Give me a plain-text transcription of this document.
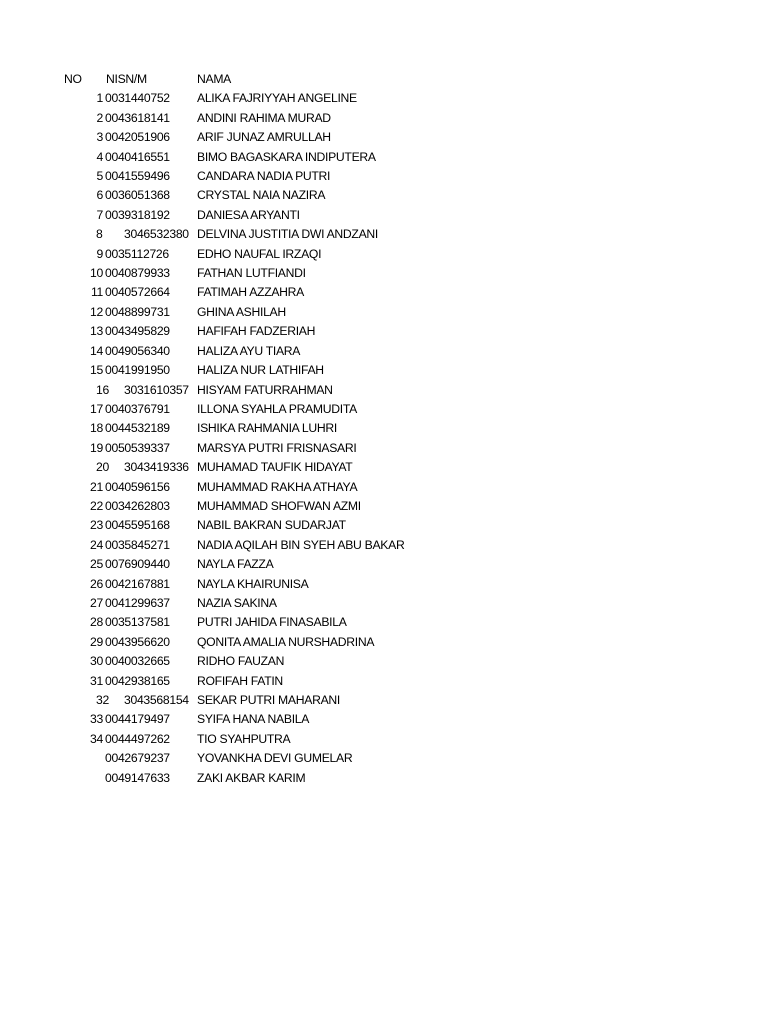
NO NISN/M	NAMA
1 0031440752 ALIKA FAJRIYYAH ANGELINE
2 0043618141 ANDINI RAHIMA MURAD
3 0042051906 ARIF JUNAZ AMRULLAH
4 0040416551 BIMO BAGASKARA INDIPUTERA
5 0041559496 CANDARA NADIA PUTRI
6 0036051368 CRYSTAL NAIA NAZIRA
7 0039318192 DANIESA ARYANTI
8 3046532380 DELVINA JUSTITIA DWI ANDZANI
9 0035112726 EDHO NAUFAL IRZAQI
10 0040879933 FATHAN LUTFIANDI
11 0040572664 FATIMAH AZZAHRA
12 0048899731 GHINA ASHILAH
13 0043495829 HAFIFAH FADZERIAH
14 0049056340 HALIZA AYU TIARA
15 0041991950 HALIZA NUR LATHIFAH
16 3031610357 HISYAM FATURRAHMAN
17 0040376791 ILLONA SYAHLA PRAMUDITA
18 0044532189 ISHIKA RAHMANIA LUHRI
19 0050539337 MARSYA PUTRI FRISNASARI
20 3043419336 MUHAMAD TAUFIK HIDAYAT
21 0040596156 MUHAMMAD RAKHA ATHAYA
22 0034262803 MUHAMMAD SHOFWAN AZMI
23 0045595168 NABIL BAKRAN SUDARJAT
24 0035845271 NADIA AQILAH BIN SYEH ABU BAKAR
25 0076909440 NAYLA FAZZA
26 0042167881 NAYLA KHAIRUNISA
27 0041299637 NAZIA SAKINA
28 0035137581 PUTRI JAHIDA FINASABILA
29 0043956620 QONITA AMALIA NURSHADRINA
30 0040032665 RIDHO FAUZAN
31 0042938165 ROFIFAH FATIN
32 3043568154 SEKAR PUTRI MAHARANI
33 0044179497 SYIFA HANA NABILA
34 0044497262 TIO SYAHPUTRA
0042679237 YOVANKHA DEVI GUMELAR
0049147633 ZAKI AKBAR KARIM
